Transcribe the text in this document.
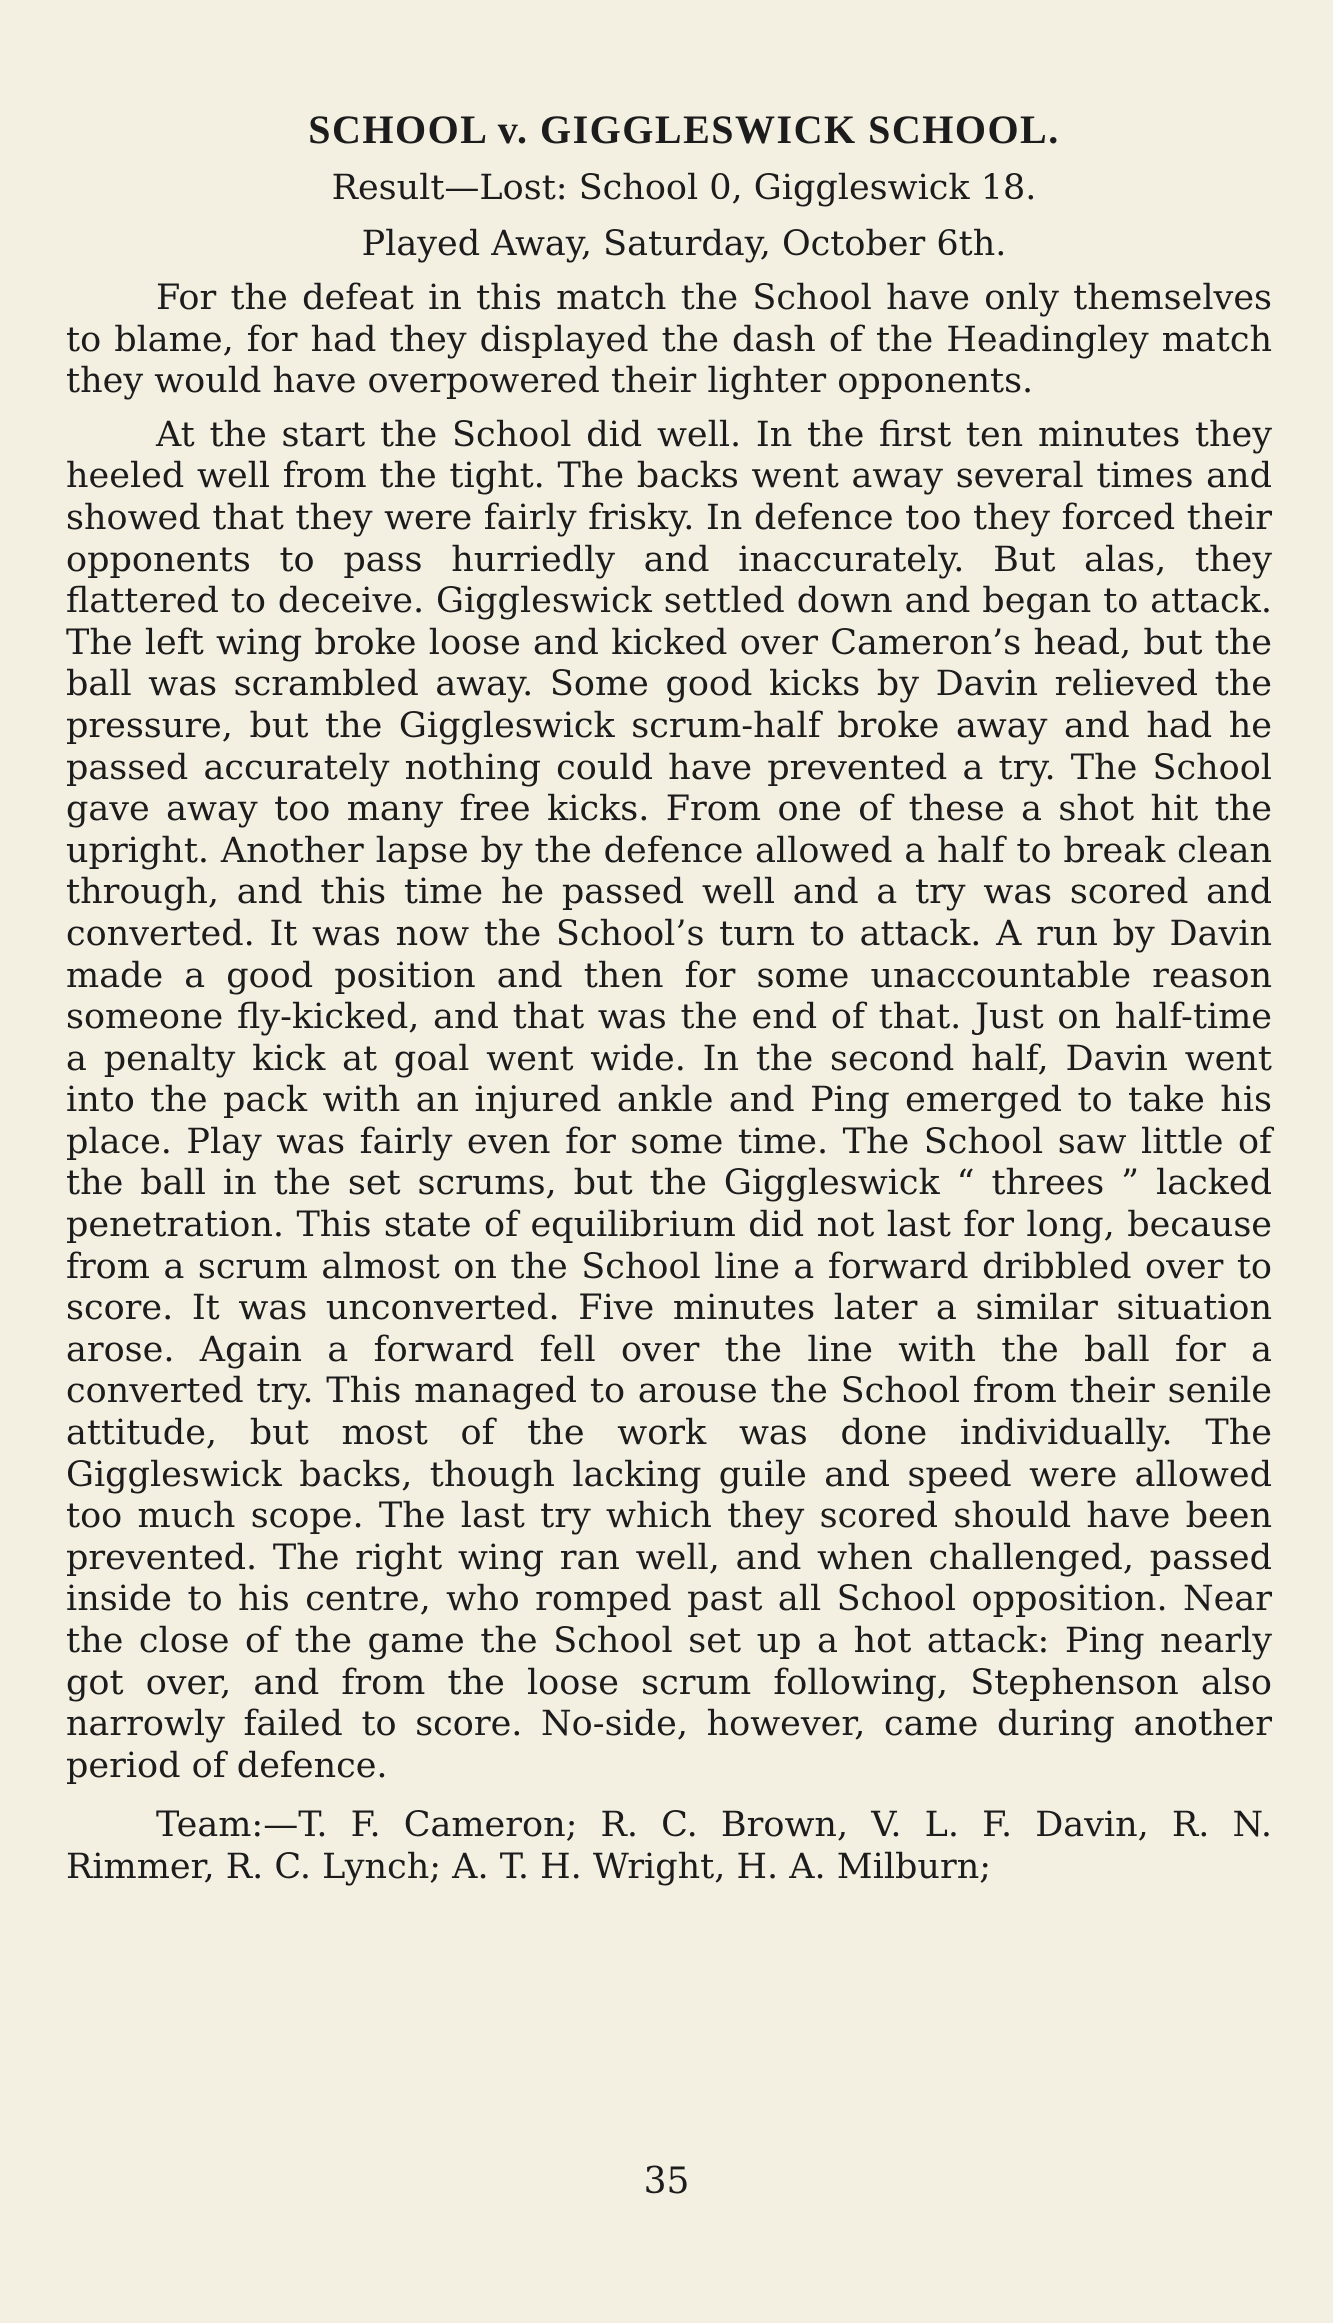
SCHOOL v. GIGGLESWICK SCHOOL.

Result—Lost: School 0, Giggleswick 18.

Played Away, Saturday, October 6th.

For the defeat in this match the School have only themselves to blame, for had they displayed the dash of the Headingley match they would have overpowered their lighter opponents.

At the start the School did well. In the first ten minutes they heeled well from the tight. The backs went away several times and showed that they were fairly frisky. In defence too they forced their opponents to pass hurriedly and inaccurately. But alas, they flattered to deceive. Giggleswick settled down and began to attack. The left wing broke loose and kicked over Cameron’s head, but the ball was scrambled away. Some good kicks by Davin relieved the pressure, but the Giggleswick scrum-half broke away and had he passed accurately nothing could have prevented a try. The School gave away too many free kicks. From one of these a shot hit the upright. Another lapse by the defence allowed a half to break clean through, and this time he passed well and a try was scored and converted. It was now the School’s turn to attack. A run by Davin made a good position and then for some unaccountable reason someone fly-kicked, and that was the end of that. Just on half-time a penalty kick at goal went wide. In the second half, Davin went into the pack with an injured ankle and Ping emerged to take his place. Play was fairly even for some time. The School saw little of the ball in the set scrums, but the Giggleswick “ threes ” lacked penetration. This state of equilibrium did not last for long, because from a scrum almost on the School line a forward dribbled over to score. It was unconverted. Five minutes later a similar situation arose. Again a forward fell over the line with the ball for a converted try. This managed to arouse the School from their senile attitude, but most of the work was done individually. The Giggleswick backs, though lacking guile and speed were allowed too much scope. The last try which they scored should have been prevented. The right wing ran well, and when challenged, passed inside to his centre, who romped past all School opposition. Near the close of the game the School set up a hot attack: Ping nearly got over, and from the loose scrum following, Stephenson also narrowly failed to score. No-side, however, came during another period of defence.

Team:—T. F. Cameron; R. C. Brown, V. L. F. Davin, R. N. Rimmer, R. C. Lynch; A. T. H. Wright, H. A. Milburn;

35
